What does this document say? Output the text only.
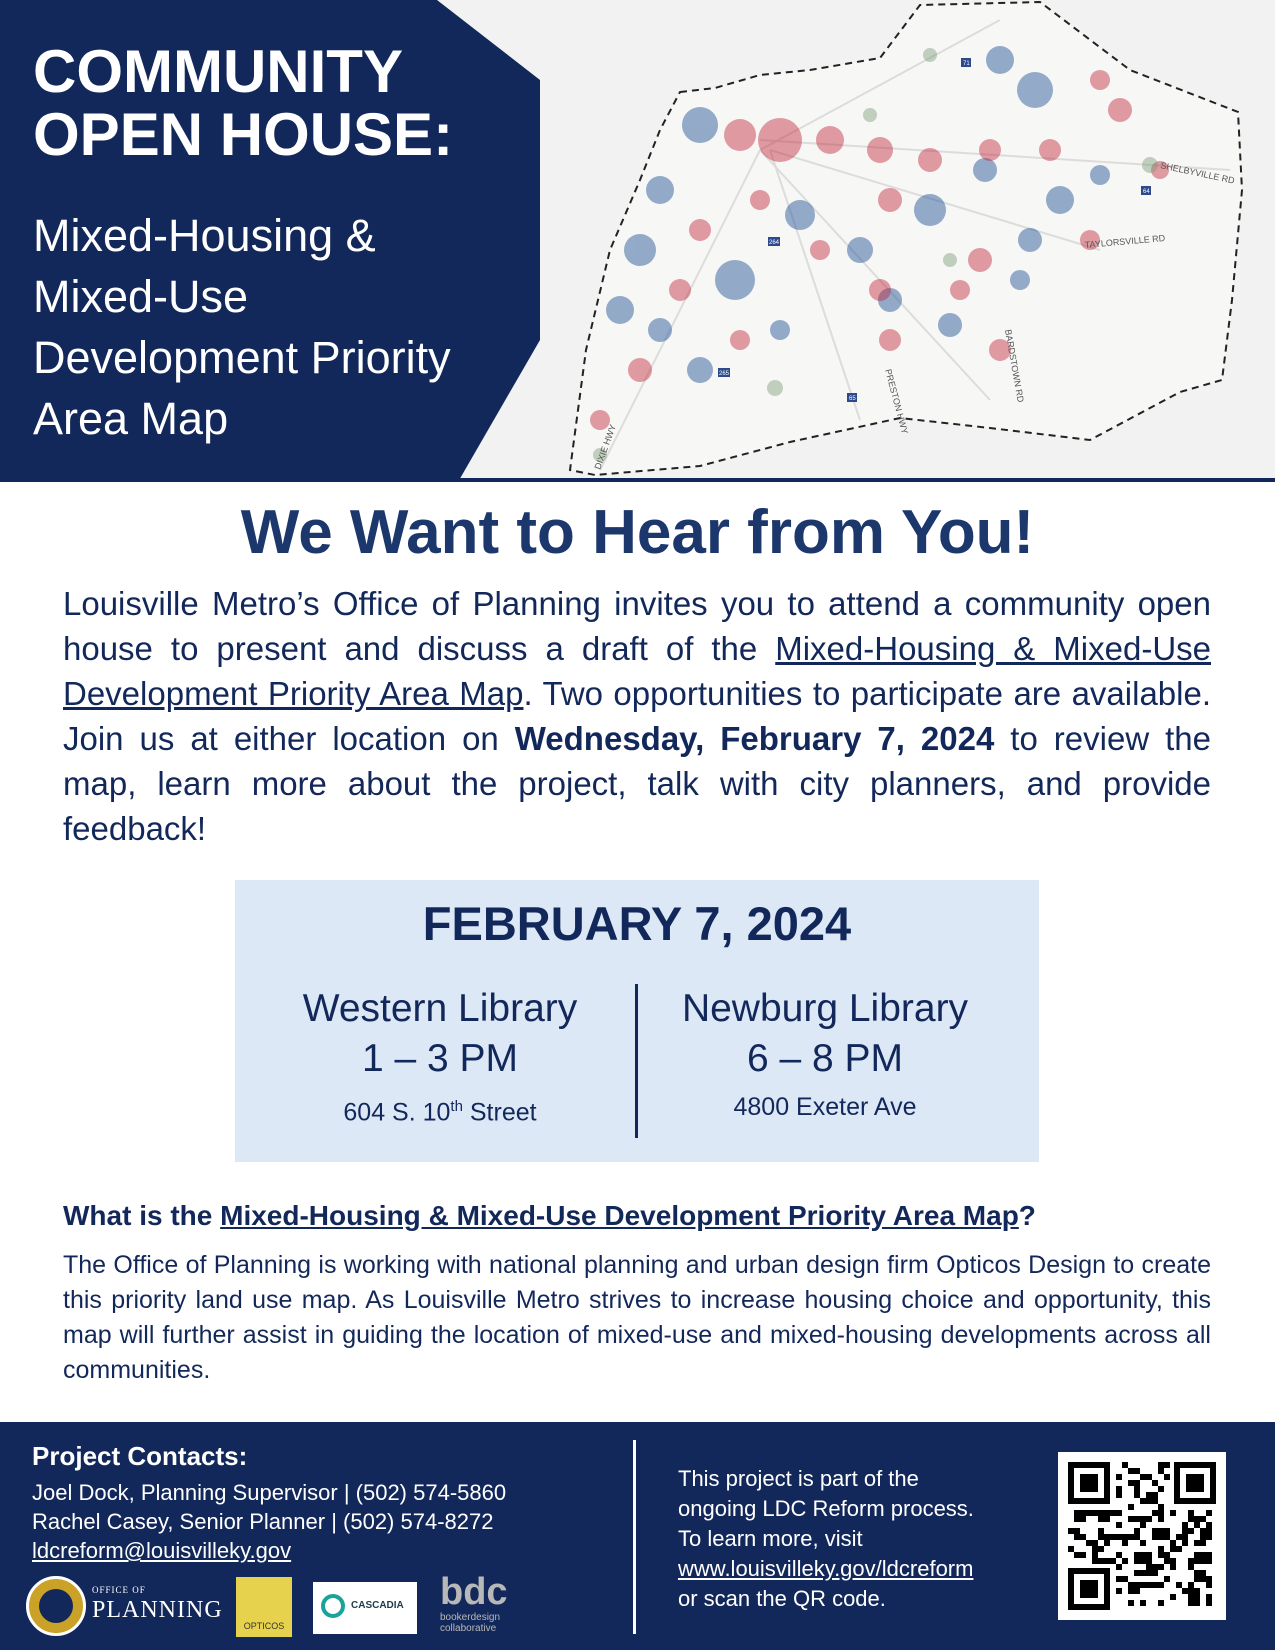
SHELBYVILLE RD
TAYLORSVILLE RD
BARDSTOWN RD
PRESTON HWY
DIXIE HWY
71
64
264
65
265
COMMUNITY
OPEN HOUSE:

Mixed-Housing &
Mixed-Use
Development Priority
Area Map

We Want to Hear from You!

Louisville Metro’s Office of Planning invites you to attend a community open house to present and discuss a draft of the Mixed-Housing & Mixed-Use Development Priority Area Map. Two opportunities to participate are available. Join us at either location on Wednesday, February 7, 2024 to review the map, learn more about the project, talk with city planners, and provide feedback!

FEBRUARY 7, 2024

Western Library
1 – 3 PM
604 S. 10th Street
Newburg Library
6 – 8 PM
4800 Exeter Ave
What is the Mixed-Housing & Mixed-Use Development Priority Area Map?

The Office of Planning is working with national planning and urban design firm Opticos Design to create this priority land use map. As Louisville Metro strives to increase housing choice and opportunity, this map will further assist in guiding the location of mixed-use and mixed-housing developments across all communities.

Project Contacts:

Joel Dock, Planning Supervisor | (502) 574-5860

Rachel Casey, Senior Planner | (502) 574-8272

ldcreform@louisvilleky.gov

OFFICE OF
PLANNING
OPTICOS
CASCADIA bdc
bookerdesign
collaborative

This project is part of the
ongoing LDC Reform process.
To learn more, visit
www.louisvilleky.gov/ldcreform
or scan the QR code.
